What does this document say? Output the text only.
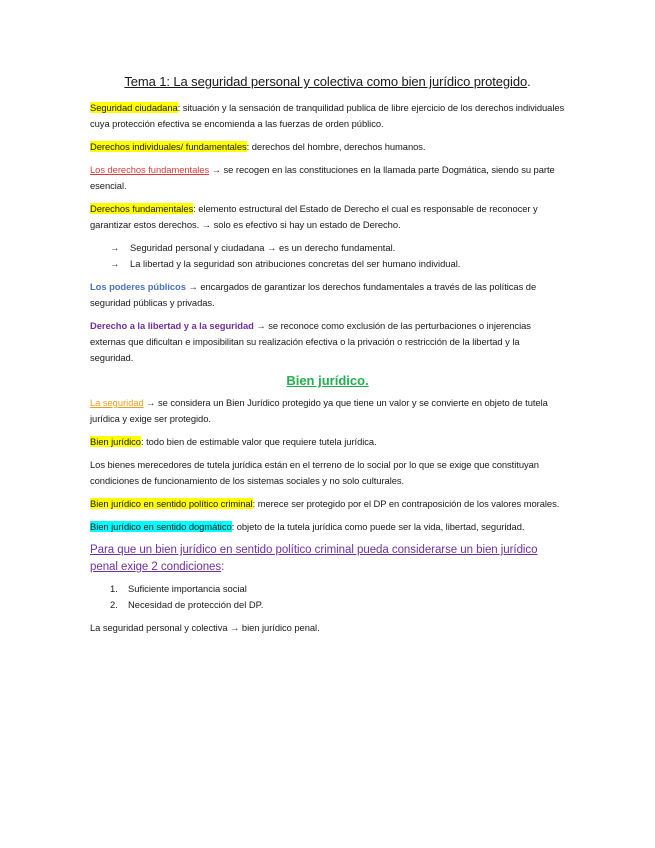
Tema 1: La seguridad personal y colectiva como bien jurídico protegido.

Seguridad ciudadana: situación y la sensación de tranquilidad publica de libre ejercicio de los derechos individuales cuya protección efectiva se encomienda a las fuerzas de orden público.

Derechos individuales/ fundamentales: derechos del hombre, derechos humanos.

Los derechos fundamentales → se recogen en las constituciones en la llamada parte Dogmática, siendo su parte esencial.

Derechos fundamentales: elemento estructural del Estado de Derecho el cual es responsable de reconocer y garantizar estos derechos. → solo es efectivo si hay un estado de Derecho.

→ Seguridad personal y ciudadana → es un derecho fundamental.
→ La libertad y la seguridad son atribuciones concretas del ser humano individual.

Los poderes públicos → encargados de garantizar los derechos fundamentales a través de las políticas de seguridad públicas y privadas.

Derecho a la libertad y a la seguridad → se reconoce como exclusión de las perturbaciones o injerencias externas que dificultan e imposibilitan su realización efectiva o la privación o restricción de la libertad y la seguridad.

Bien jurídico.

La seguridad → se considera un Bien Jurídico protegido ya que tiene un valor y se convierte en objeto de tutela jurídica y exige ser protegido.

Bien jurídico: todo bien de estimable valor que requiere tutela jurídica.

Los bienes merecedores de tutela jurídica están en el terreno de lo social por lo que se exige que constituyan condiciones de funcionamiento de los sistemas sociales y no solo culturales.

Bien jurídico en sentido político criminal: merece ser protegido por el DP en contraposición de los valores morales.

Bien jurídico en sentido dogmático: objeto de la tutela jurídica como puede ser la vida, libertad, seguridad.

Para que un bien jurídico en sentido político criminal pueda considerarse un bien jurídico penal exige 2 condiciones:

1. Suficiente importancia social
2. Necesidad de protección del DP.

La seguridad personal y colectiva → bien jurídico penal.
